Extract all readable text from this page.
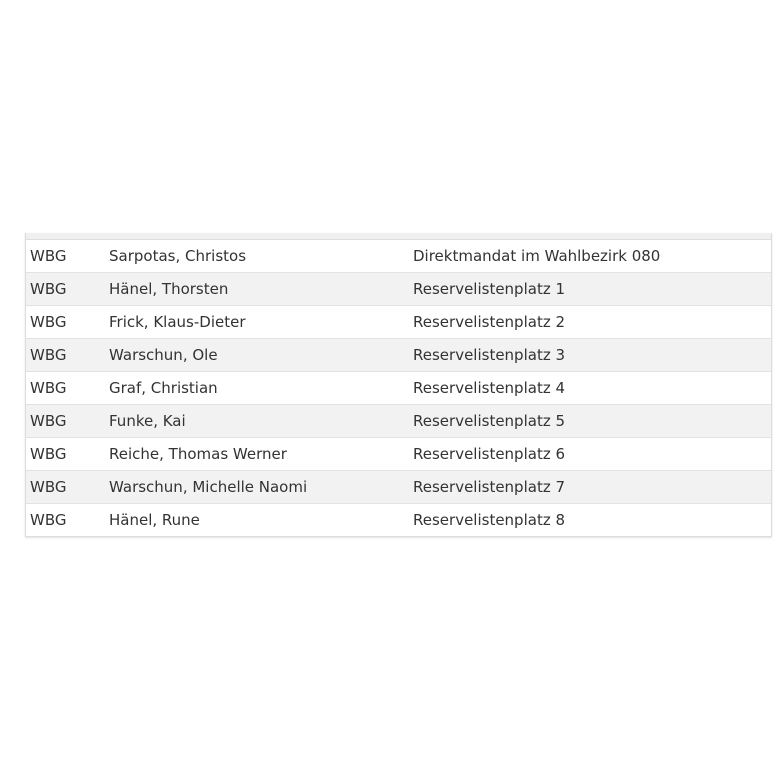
WBG	Sarpotas, Christos	Direktmandat im Wahlbezirk 080
WBG	Hänel, Thorsten	Reservelistenplatz 1
WBG	Frick, Klaus-Dieter	Reservelistenplatz 2
WBG	Warschun, Ole	Reservelistenplatz 3
WBG	Graf, Christian	Reservelistenplatz 4
WBG	Funke, Kai	Reservelistenplatz 5
WBG	Reiche, Thomas Werner	Reservelistenplatz 6
WBG	Warschun, Michelle Naomi	Reservelistenplatz 7
WBG	Hänel, Rune	Reservelistenplatz 8
